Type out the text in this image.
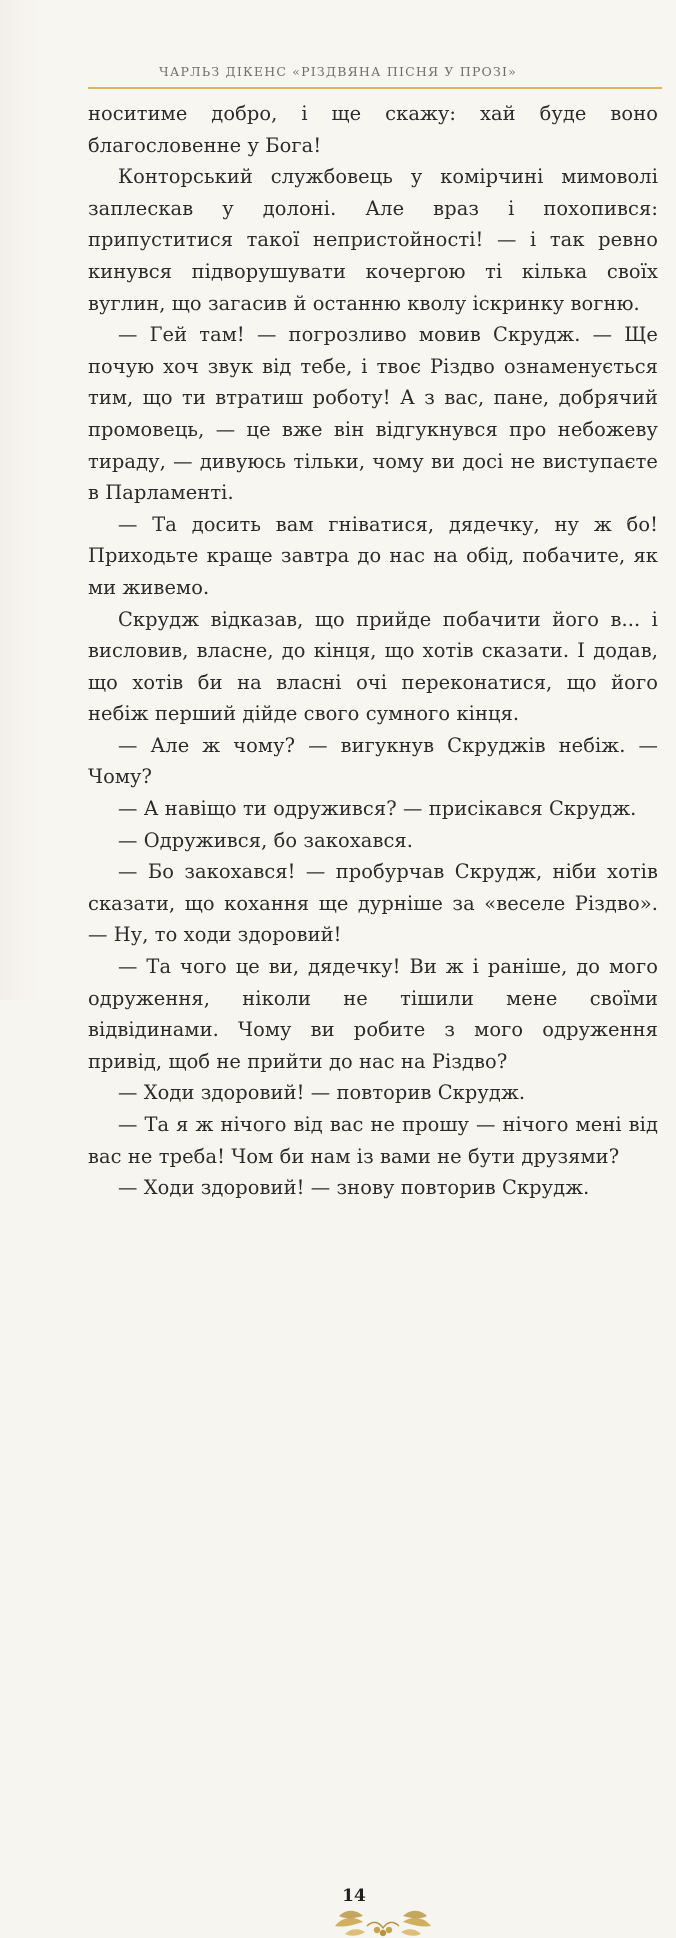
ЧАРЛЬЗ ДІКЕНС «РІЗДВЯНА ПІСНЯ У ПРОЗІ»

носитиме добро, і ще скажу: хай буде воно благословенне у Бога!

Конторський службовець у комірчині мимоволі заплескав у долоні. Але враз і похопився: припуститися такої непристойності! — і так ревно кинувся підворушувати кочергою ті кілька своїх вуглин, що загасив й останню кволу іскринку вогню.

— Гей там! — погрозливо мовив Скрудж. — Ще почую хоч звук від тебе, і твоє Різдво ознаменується тим, що ти втратиш роботу! А з вас, пане, добрячий промовець, — це вже він відгукнувся про небожеву тираду, — дивуюсь тільки, чому ви досі не виступаєте в Парламенті.

— Та досить вам гніватися, дядечку, ну ж бо! Приходьте краще завтра до нас на обід, побачите, як ми живемо.

Скрудж відказав, що прийде побачити його в... і висловив, власне, до кінця, що хотів сказати. І додав, що хотів би на власні очі переконатися, що його небіж перший дійде свого сумного кінця.

— Але ж чому? — вигукнув Скруджів небіж. — Чому?

— А навіщо ти одружився? — присікався Скрудж.

— Одружився, бо закохався.

— Бо закохався! — пробурчав Скрудж, ніби хотів сказати, що кохання ще дурніше за «веселе Різдво». — Ну, то ходи здоровий!

— Та чого це ви, дядечку! Ви ж і раніше, до мого одруження, ніколи не тішили мене своїми відвідинами. Чому ви робите з мого одруження привід, щоб не прийти до нас на Різдво?

— Ходи здоровий! — повторив Скрудж.

— Та я ж нічого від вас не прошу — нічого мені від вас не треба! Чом би нам із вами не бути друзями?

— Ходи здоровий! — знову повторив Скрудж.

14
